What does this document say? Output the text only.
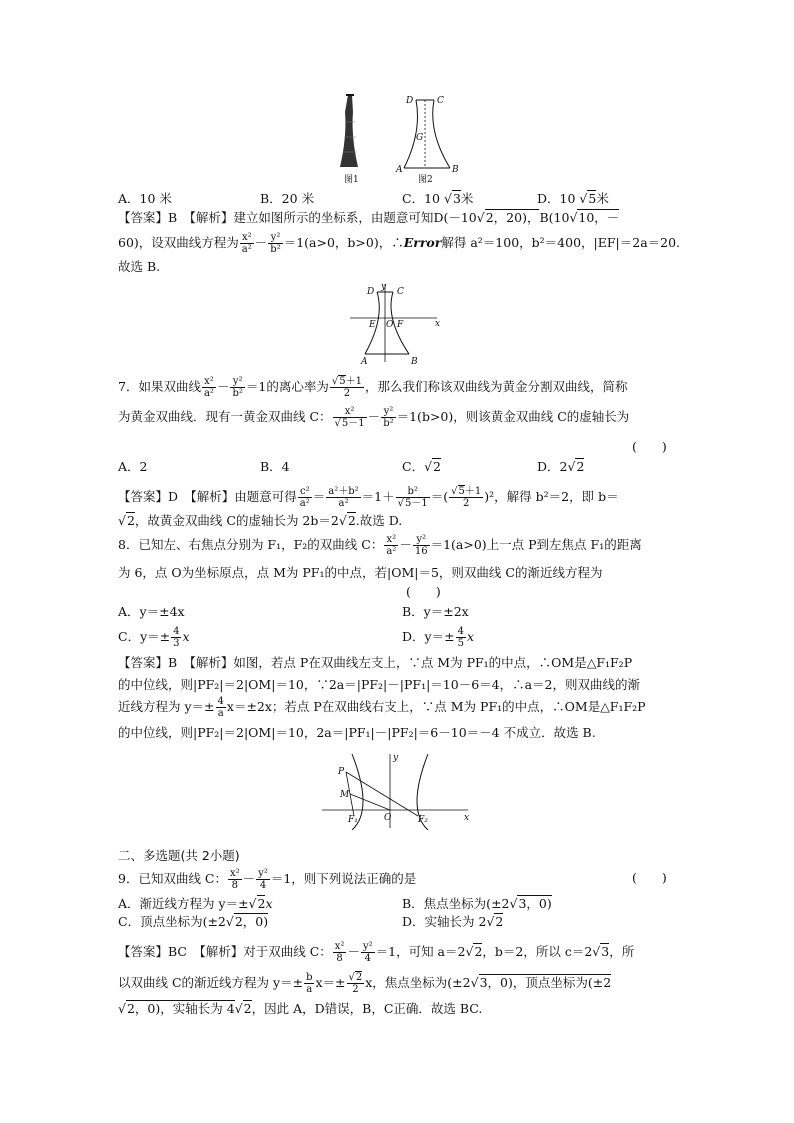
D	C
G
A	B
图1	图2
A．10 米	B．20 米	C．10 √3米	D．10 √5米
【答案】B　【解析】建立如图所示的坐标系，由题意可知D(－10√2，20)，B(10√10，－
60)，设双曲线方程为 $\frac{\text{x²}}{\text{a²}} - \frac{\text{y²}}{\text{b²}} =1(a>0$，b>0)，∴Error解得 a²＝100，b²＝400，|EF|＝2a＝20.
故选 B.
y
D	C
E O F	x
A	B
7．如果双曲线 $\frac{\text{x²}}{\text{a²}} - \frac{\text{y²}}{\text{b²}} =1$的离心率为 $\frac{√5+1}{2}$ ，那么我们称该双曲线为黄金分割双曲线，简称
为黄金双曲线．现有一黄金双曲线 C： $\frac{\text{x²}}{√5-1} - \frac{\text{y²}}{\text{b²}} =1(b>0)$，则该黄金双曲线 C的虚轴长为
(　　)
A．2	B．4	C．√2	D．2√2
【答案】D　【解析】由题意可得 $\frac{\text{c²}}{\text{a²}} = \frac{\text{a²＋b²}}{\text{a²}} =1+ \frac{\text{b²}}{√5-1}$ ＝( $\frac{√5+1}{2} )^2$，解得 b²＝2，即 b＝
√2，故黄金双曲线 C的虚轴长为 2b＝2√2.故选 D.
8．已知左、右焦点分别为 F₁，F₂的双曲线 C： $\frac{\text{x²}}{\text{a²}} - \frac{\text{y²}}{16} =1(a>0)$上一点 P到左焦点 F₁的距离
为 6，点 O为坐标原点，点 M为 PF₁的中点，若|OM|＝5，则双曲线 C的渐近线方程为
(　　)
A．y＝±4x	B．y＝±2x
C．$y=\pm \frac{4}{3}$ x	D．$y=\pm \frac{4}{5}$ x
【答案】B　【解析】如图，若点 P在双曲线左支上，∵点 M为 PF₁的中点，∴OM是△F₁F₂P
的中位线，则|PF₂|＝2|OM|＝10，∵2a＝|PF₂|－|PF₁|＝10－6＝4，∴a＝2，则双曲线的渐
近线方程为 $y=\pm \frac{4}{a} x=\pm 2x$；若点 P在双曲线右支上，∵点 M为 PF₁的中点，∴OM是△F₁F₂P
的中位线，则|PF₂|＝2|OM|＝10，2a＝|PF₁|－|PF₂|＝6－10＝－4 不成立．故选 B.
y
P
M
F₁	O	F₂	x
二、多选题(共 2小题)
9．已知双曲线 C： $\frac{\text{x²}}{8} - \frac{\text{y²}}{4} =1$，则下列说法正确的是	(　　)
A．渐近线方程为 y＝±√2x	B．焦点坐标为(±2√3，0)
C．顶点坐标为(±2√2，0)	D．实轴长为 2√2
【答案】BC　【解析】对于双曲线 C： $\frac{\text{x²}}{8} - \frac{\text{y²}}{4} =1$，可知 a＝2√2，b＝2，所以 c＝2√3，所
以双曲线 C的渐近线方程为 $y=\pm \frac{b}{a} x=\pm \frac{√2}{2}$ x，焦点坐标为(±2√3，0)，顶点坐标为(±2
√2，0)，实轴长为 4√2，因此 A，D错误，B，C正确．故选 BC.
